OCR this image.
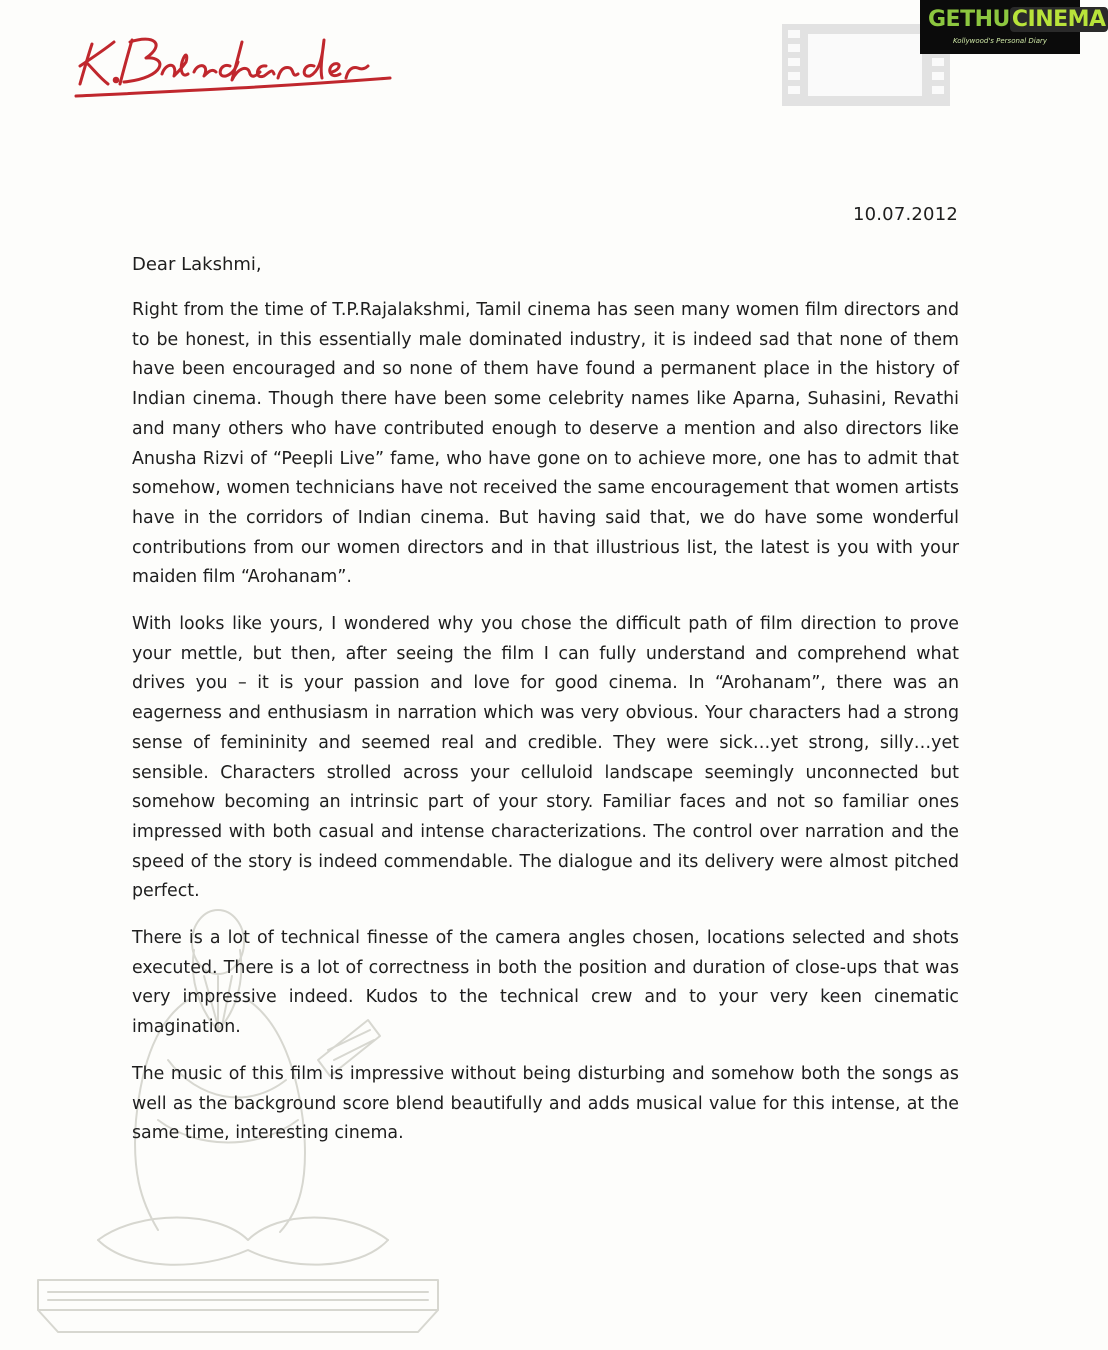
GETHUCINEMA
Kollywood's Personal Diary
10.07.2012
Dear Lakshmi,

Right from the time of T.P.Rajalakshmi, Tamil cinema has seen many women film directors and to be honest, in this essentially male dominated industry, it is indeed sad that none of them have been encouraged and so none of them have found a permanent place in the history of Indian cinema. Though there have been some celebrity names like Aparna, Suhasini, Revathi and many others who have contributed enough to deserve a mention and also directors like Anusha Rizvi of “Peepli Live” fame, who have gone on to achieve more, one has to admit that somehow, women technicians have not received the same encouragement that women artists have in the corridors of Indian cinema. But having said that, we do have some wonderful contributions from our women directors and in that illustrious list, the latest is you with your maiden film “Arohanam”.

With looks like yours, I wondered why you chose the difficult path of film direction to prove your mettle, but then, after seeing the film I can fully understand and comprehend what drives you – it is your passion and love for good cinema. In “Arohanam”, there was an eagerness and enthusiasm in narration which was very obvious. Your characters had a strong sense of femininity and seemed real and credible. They were sick…yet strong, silly…yet sensible. Characters strolled across your celluloid landscape seemingly unconnected but somehow becoming an intrinsic part of your story. Familiar faces and not so familiar ones impressed with both casual and intense characterizations. The control over narration and the speed of the story is indeed commendable. The dialogue and its delivery were almost pitched perfect.

There is a lot of technical finesse of the camera angles chosen, locations selected and shots executed. There is a lot of correctness in both the position and duration of close-ups that was very impressive indeed. Kudos to the technical crew and to your very keen cinematic imagination.

The music of this film is impressive without being disturbing and somehow both the songs as well as the background score blend beautifully and adds musical value for this intense, at the same time, interesting cinema.
